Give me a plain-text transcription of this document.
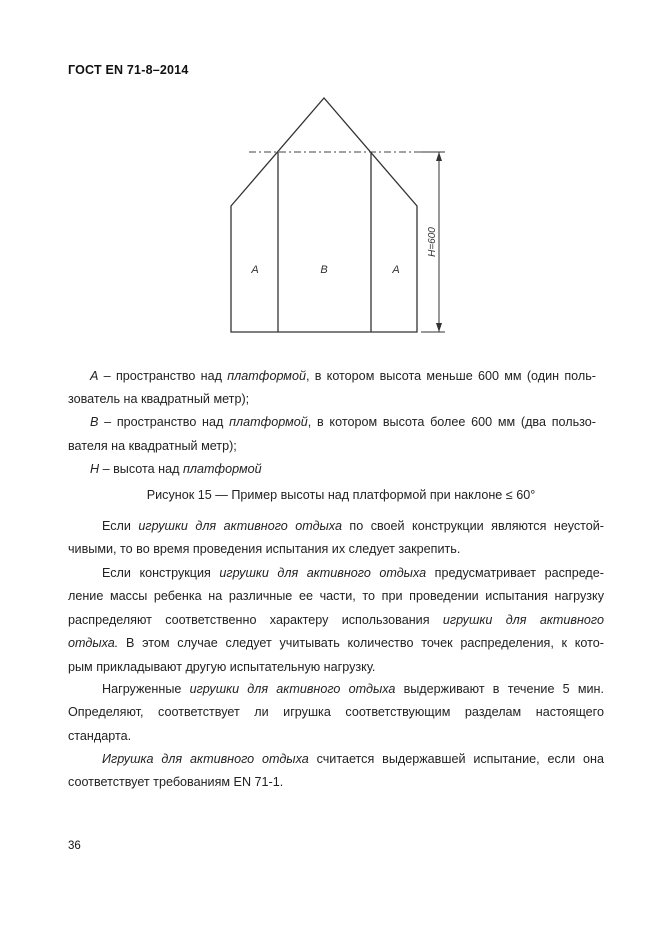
ГОСТ EN 71-8–2014
A	B	A
H=600
A – пространство над платформой, в котором высота меньше 600 мм (один поль-
зователь на квадратный метр);
B – пространство над платформой, в котором высота более 600 мм (два пользо-
вателя на квадратный метр);
H – высота над платформой
Рисунок 15 — Пример высоты над платформой при наклоне ≤ 60°
Если игрушки для активного отдыха по своей конструкции являются неустой-
чивыми, то во время проведения испытания их следует закрепить.
Если конструкция игрушки для активного отдыха предусматривает распреде-
ление массы ребенка на различные ее части, то при проведении испытания нагрузку
распределяют соответственно характеру использования игрушки для активного
отдыха. В этом случае следует учитывать количество точек распределения, к кото-
рым прикладывают другую испытательную нагрузку.
Нагруженные игрушки для активного отдыха выдерживают в течение 5 мин.
Определяют, соответствует ли игрушка соответствующим разделам настоящего
стандарта.
Игрушка для активного отдыха считается выдержавшей испытание, если она
соответствует требованиям EN 71-1.
36
